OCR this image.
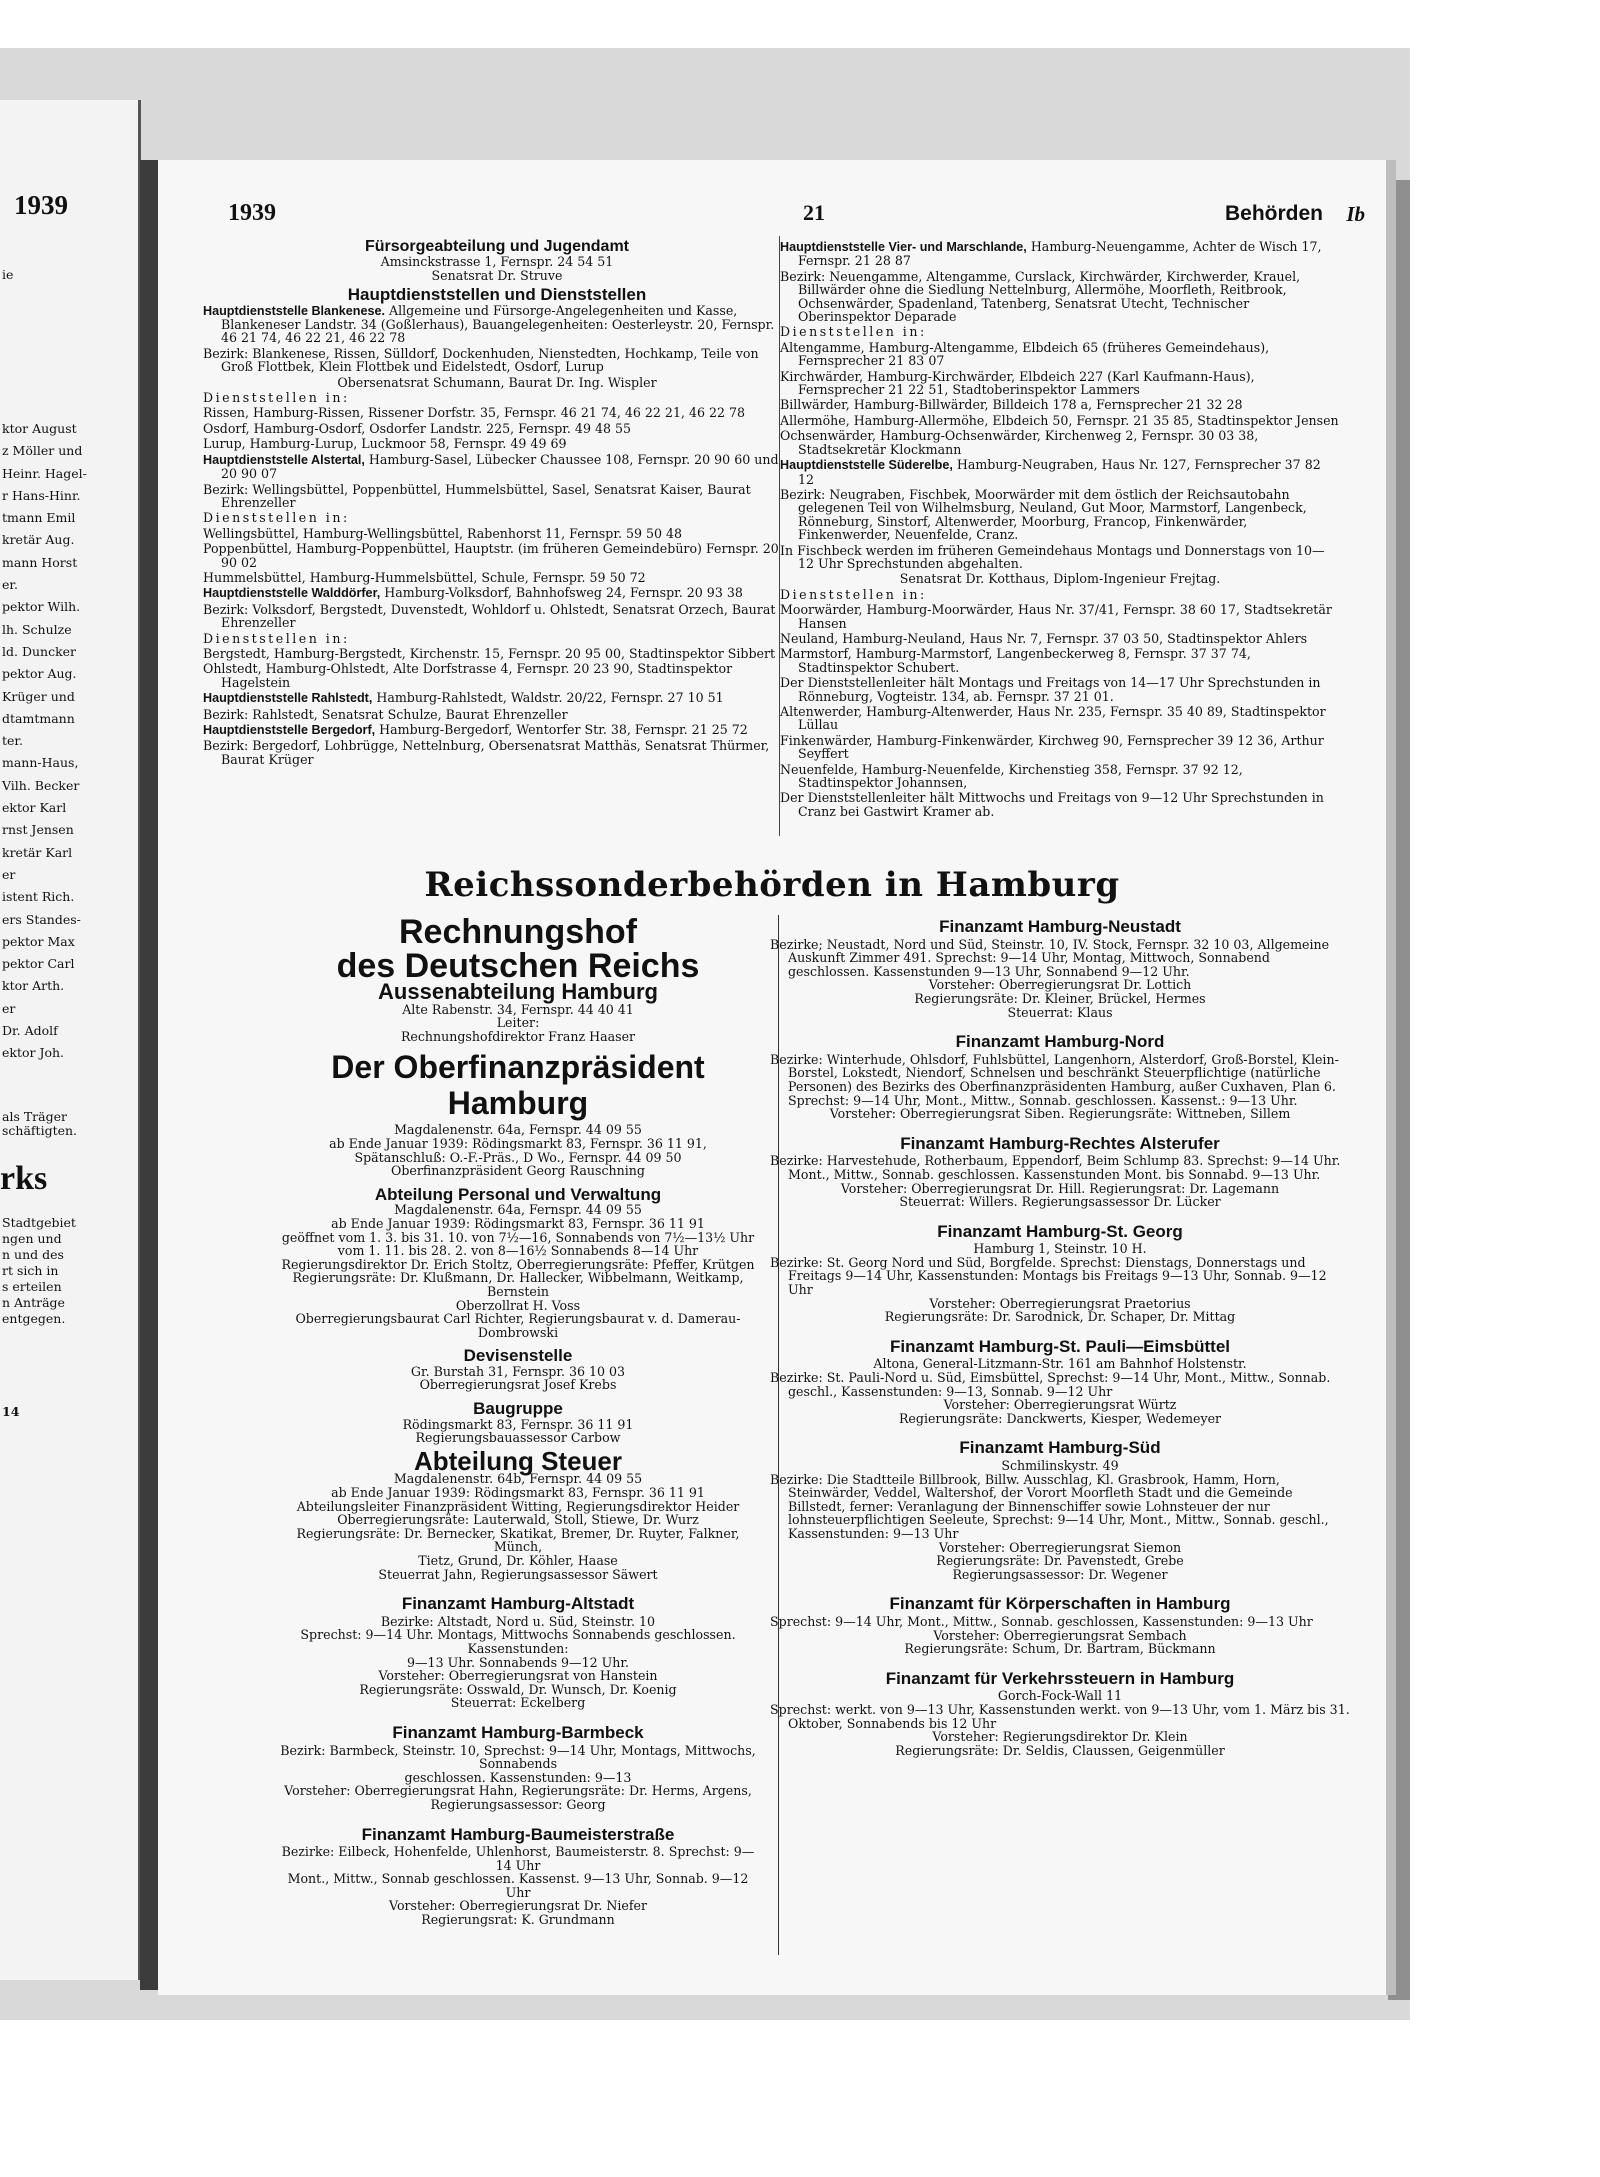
1939
ie
ktor August
z Möller und
Heinr. Hagel-
r Hans-Hinr.
tmann Emil
kretär Aug.
mann Horst
er.
pektor Wilh.
lh. Schulze
ld. Duncker
pektor Aug.
Krüger und
dtamtmann
ter.
mann-Haus,
Vilh. Becker
ektor Karl
rnst Jensen
kretär Karl
er
istent Rich.
ers Standes-
pektor Max
pektor Carl
ktor Arth.
er
Dr. Adolf
ektor Joh.
als Träger
schäftigten.
rks
Stadtgebiet
ngen und
n und des
rt sich in
s erteilen
n Anträge
entgegen.
14
1939	21	Behörden Ib
Fürsorgeabteilung und Jugendamt
Amsinckstrasse 1, Fernspr. 24 54 51
Senatsrat Dr. Struve
Hauptdienststellen und Dienststellen
Hauptdienststelle Blankenese. Allgemeine und Fürsorge-Angelegenheiten und Kasse, Blankeneser Landstr. 34 (Goßlerhaus), Bauangelegenheiten: Oesterleystr. 20, Fernspr. 46 21 74, 46 22 21, 46 22 78
Bezirk: Blankenese, Rissen, Sülldorf, Dockenhuden, Nienstedten, Hochkamp, Teile von Groß Flottbek, Klein Flottbek und Eidelstedt, Osdorf, Lurup
Obersenatsrat Schumann, Baurat Dr. Ing. Wispler
Dienststellen in:
Rissen, Hamburg-Rissen, Rissener Dorfstr. 35, Fernspr. 46 21 74, 46 22 21, 46 22 78
Osdorf, Hamburg-Osdorf, Osdorfer Landstr. 225, Fernspr. 49 48 55
Lurup, Hamburg-Lurup, Luckmoor 58, Fernspr. 49 49 69
Hauptdienststelle Alstertal, Hamburg-Sasel, Lübecker Chaussee 108, Fernspr. 20 90 60 und 20 90 07
Bezirk: Wellingsbüttel, Poppenbüttel, Hummelsbüttel, Sasel, Senatsrat Kaiser, Baurat Ehrenzeller
Dienststellen in:
Wellingsbüttel, Hamburg-Wellingsbüttel, Rabenhorst 11, Fernspr. 59 50 48
Poppenbüttel, Hamburg-Poppenbüttel, Hauptstr. (im früheren Gemeindebüro) Fernspr. 20 90 02
Hummelsbüttel, Hamburg-Hummelsbüttel, Schule, Fernspr. 59 50 72
Hauptdienststelle Walddörfer, Hamburg-Volksdorf, Bahnhofsweg 24, Fernspr. 20 93 38
Bezirk: Volksdorf, Bergstedt, Duvenstedt, Wohldorf u. Ohlstedt, Senatsrat Orzech, Baurat Ehrenzeller
Dienststellen in:
Bergstedt, Hamburg-Bergstedt, Kirchenstr. 15, Fernspr. 20 95 00, Stadtinspektor Sibbert
Ohlstedt, Hamburg-Ohlstedt, Alte Dorfstrasse 4, Fernspr. 20 23 90, Stadtinspektor Hagelstein
Hauptdienststelle Rahlstedt, Hamburg-Rahlstedt, Waldstr. 20/22, Fernspr. 27 10 51
Bezirk: Rahlstedt, Senatsrat Schulze, Baurat Ehrenzeller
Hauptdienststelle Bergedorf, Hamburg-Bergedorf, Wentorfer Str. 38, Fernspr. 21 25 72
Bezirk: Bergedorf, Lohbrügge, Nettelnburg, Obersenatsrat Matthäs, Senatsrat Thürmer, Baurat Krüger
Hauptdienststelle Vier- und Marschlande, Hamburg-Neuengamme, Achter de Wisch 17, Fernspr. 21 28 87
Bezirk: Neuengamme, Altengamme, Curslack, Kirchwärder, Kirchwerder, Krauel, Billwärder ohne die Siedlung Nettelnburg, Allermöhe, Moorfleth, Reitbrook, Ochsenwärder, Spadenland, Tatenberg, Senatsrat Utecht, Technischer Oberinspektor Deparade
Dienststellen in:
Altengamme, Hamburg-Altengamme, Elbdeich 65 (früheres Gemeindehaus), Fernsprecher 21 83 07
Kirchwärder, Hamburg-Kirchwärder, Elbdeich 227 (Karl Kaufmann-Haus), Fernsprecher 21 22 51, Stadtoberinspektor Lammers
Billwärder, Hamburg-Billwärder, Billdeich 178 a, Fernsprecher 21 32 28
Allermöhe, Hamburg-Allermöhe, Elbdeich 50, Fernspr. 21 35 85, Stadtinspektor Jensen
Ochsenwärder, Hamburg-Ochsenwärder, Kirchenweg 2, Fernspr. 30 03 38, Stadtsekretär Klockmann
Hauptdienststelle Süderelbe, Hamburg-Neugraben, Haus Nr. 127, Fernsprecher 37 82 12
Bezirk: Neugraben, Fischbek, Moorwärder mit dem östlich der Reichsautobahn gelegenen Teil von Wilhelmsburg, Neuland, Gut Moor, Marmstorf, Langenbeck, Rönneburg, Sinstorf, Altenwerder, Moorburg, Francop, Finkenwärder, Finkenwerder, Neuenfelde, Cranz.
In Fischbeck werden im früheren Gemeindehaus Montags und Donnerstags von 10—12 Uhr Sprechstunden abgehalten.
Senatsrat Dr. Kotthaus, Diplom-Ingenieur Frejtag.
Dienststellen in:
Moorwärder, Hamburg-Moorwärder, Haus Nr. 37/41, Fernspr. 38 60 17, Stadtsekretär Hansen
Neuland, Hamburg-Neuland, Haus Nr. 7, Fernspr. 37 03 50, Stadtinspektor Ahlers
Marmstorf, Hamburg-Marmstorf, Langenbeckerweg 8, Fernspr. 37 37 74, Stadtinspektor Schubert.
Der Dienststellenleiter hält Montags und Freitags von 14—17 Uhr Sprechstunden in Rönneburg, Vogteistr. 134, ab. Fernspr. 37 21 01.
Altenwerder, Hamburg-Altenwerder, Haus Nr. 235, Fernspr. 35 40 89, Stadtinspektor Lüllau
Finkenwärder, Hamburg-Finkenwärder, Kirchweg 90, Fernsprecher 39 12 36, Arthur Seyffert
Neuenfelde, Hamburg-Neuenfelde, Kirchenstieg 358, Fernspr. 37 92 12, Stadtinspektor Johannsen,
Der Dienststellenleiter hält Mittwochs und Freitags von 9—12 Uhr Sprechstunden in Cranz bei Gastwirt Kramer ab.
Reichssonderbehörden in Hamburg
Rechnungshof
des Deutschen Reichs
Aussenabteilung Hamburg
Alte Rabenstr. 34, Fernspr. 44 40 41
Leiter:
Rechnungshofdirektor Franz Haaser
Der Oberfinanzpräsident
Hamburg
Magdalenenstr. 64a, Fernspr. 44 09 55
ab Ende Januar 1939: Rödingsmarkt 83, Fernspr. 36 11 91,
Spätanschluß: O.-F.-Präs., D Wo., Fernspr. 44 09 50
Oberfinanzpräsident Georg Rauschning
Abteilung Personal und Verwaltung
Magdalenenstr. 64a, Fernspr. 44 09 55
ab Ende Januar 1939: Rödingsmarkt 83, Fernspr. 36 11 91
geöffnet vom 1. 3. bis 31. 10. von 7½—16, Sonnabends von 7½—13½ Uhr
vom 1. 11. bis 28. 2. von 8—16½ Sonnabends 8—14 Uhr
Regierungsdirektor Dr. Erich Stoltz, Oberregierungsräte: Pfeffer, Krütgen
Regierungsräte: Dr. Klußmann, Dr. Hallecker, Wibbelmann, Weitkamp, Bernstein
Oberzollrat H. Voss
Oberregierungsbaurat Carl Richter, Regierungsbaurat v. d. Damerau-Dombrowski
Devisenstelle
Gr. Burstah 31, Fernspr. 36 10 03
Oberregierungsrat Josef Krebs
Baugruppe
Rödingsmarkt 83, Fernspr. 36 11 91
Regierungsbauassessor Carbow
Abteilung Steuer
Magdalenenstr. 64b, Fernspr. 44 09 55
ab Ende Januar 1939: Rödingsmarkt 83, Fernspr. 36 11 91
Abteilungsleiter Finanzpräsident Witting, Regierungsdirektor Heider
Oberregierungsräte: Lauterwald, Stoll, Stiewe, Dr. Wurz
Regierungsräte: Dr. Bernecker, Skatikat, Bremer, Dr. Ruyter, Falkner, Münch,
Tietz, Grund, Dr. Köhler, Haase
Steuerrat Jahn, Regierungsassessor Säwert
Finanzamt Hamburg-Altstadt
Bezirke: Altstadt, Nord u. Süd, Steinstr. 10
Sprechst: 9—14 Uhr. Montags, Mittwochs Sonnabends geschlossen. Kassenstunden:
9—13 Uhr. Sonnabends 9—12 Uhr.
Vorsteher: Oberregierungsrat von Hanstein
Regierungsräte: Osswald, Dr. Wunsch, Dr. Koenig
Steuerrat: Eckelberg
Finanzamt Hamburg-Barmbeck
Bezirk: Barmbeck, Steinstr. 10, Sprechst: 9—14 Uhr, Montags, Mittwochs, Sonnabends
geschlossen. Kassenstunden: 9—13
Vorsteher: Oberregierungsrat Hahn, Regierungsräte: Dr. Herms, Argens,
Regierungsassessor: Georg
Finanzamt Hamburg-Baumeisterstraße
Bezirke: Eilbeck, Hohenfelde, Uhlenhorst, Baumeisterstr. 8. Sprechst: 9—14 Uhr
Mont., Mittw., Sonnab geschlossen. Kassenst. 9—13 Uhr, Sonnab. 9—12 Uhr
Vorsteher: Oberregierungsrat Dr. Niefer
Regierungsrat: K. Grundmann
Finanzamt Hamburg-Neustadt
Bezirke; Neustadt, Nord und Süd, Steinstr. 10, IV. Stock, Fernspr. 32 10 03, Allgemeine Auskunft Zimmer 491. Sprechst: 9—14 Uhr, Montag, Mittwoch, Sonnabend geschlossen. Kassenstunden 9—13 Uhr, Sonnabend 9—12 Uhr.
Vorsteher: Oberregierungsrat Dr. Lottich
Regierungsräte: Dr. Kleiner, Brückel, Hermes
Steuerrat: Klaus
Finanzamt Hamburg-Nord
Bezirke: Winterhude, Ohlsdorf, Fuhlsbüttel, Langenhorn, Alsterdorf, Groß-Borstel, Klein-Borstel, Lokstedt, Niendorf, Schnelsen und beschränkt Steuerpflichtige (natürliche Personen) des Bezirks des Oberfinanzpräsidenten Hamburg, außer Cuxhaven, Plan 6. Sprechst: 9—14 Uhr, Mont., Mittw., Sonnab. geschlossen. Kassenst.: 9—13 Uhr.
Vorsteher: Oberregierungsrat Siben. Regierungsräte: Wittneben, Sillem
Finanzamt Hamburg-Rechtes Alsterufer
Bezirke: Harvestehude, Rotherbaum, Eppendorf, Beim Schlump 83. Sprechst: 9—14 Uhr. Mont., Mittw., Sonnab. geschlossen. Kassenstunden Mont. bis Sonnabd. 9—13 Uhr.
Vorsteher: Oberregierungsrat Dr. Hill. Regierungsrat: Dr. Lagemann
Steuerrat: Willers. Regierungsassessor Dr. Lücker
Finanzamt Hamburg-St. Georg
Hamburg 1, Steinstr. 10 H.
Bezirke: St. Georg Nord und Süd, Borgfelde. Sprechst: Dienstags, Donnerstags und Freitags 9—14 Uhr, Kassenstunden: Montags bis Freitags 9—13 Uhr, Sonnab. 9—12 Uhr
Vorsteher: Oberregierungsrat Praetorius
Regierungsräte: Dr. Sarodnick, Dr. Schaper, Dr. Mittag
Finanzamt Hamburg-St. Pauli—Eimsbüttel
Altona, General-Litzmann-Str. 161 am Bahnhof Holstenstr.
Bezirke: St. Pauli-Nord u. Süd, Eimsbüttel, Sprechst: 9—14 Uhr, Mont., Mittw., Sonnab. geschl., Kassenstunden: 9—13, Sonnab. 9—12 Uhr
Vorsteher: Oberregierungsrat Würtz
Regierungsräte: Danckwerts, Kiesper, Wedemeyer
Finanzamt Hamburg-Süd
Schmilinskystr. 49
Bezirke: Die Stadtteile Billbrook, Billw. Ausschlag, Kl. Grasbrook, Hamm, Horn, Steinwärder, Veddel, Waltershof, der Vorort Moorfleth Stadt und die Gemeinde Billstedt, ferner: Veranlagung der Binnenschiffer sowie Lohnsteuer der nur lohnsteuerpflichtigen Seeleute, Sprechst: 9—14 Uhr, Mont., Mittw., Sonnab. geschl., Kassenstunden: 9—13 Uhr
Vorsteher: Oberregierungsrat Siemon
Regierungsräte: Dr. Pavenstedt, Grebe
Regierungsassessor: Dr. Wegener
Finanzamt für Körperschaften in Hamburg
Sprechst: 9—14 Uhr, Mont., Mittw., Sonnab. geschlossen, Kassenstunden: 9—13 Uhr
Vorsteher: Oberregierungsrat Sembach
Regierungsräte: Schum, Dr. Bartram, Bückmann
Finanzamt für Verkehrssteuern in Hamburg
Gorch-Fock-Wall 11
Sprechst: werkt. von 9—13 Uhr, Kassenstunden werkt. von 9—13 Uhr, vom 1. März bis 31. Oktober, Sonnabends bis 12 Uhr
Vorsteher: Regierungsdirektor Dr. Klein
Regierungsräte: Dr. Seldis, Claussen, Geigenmüller
